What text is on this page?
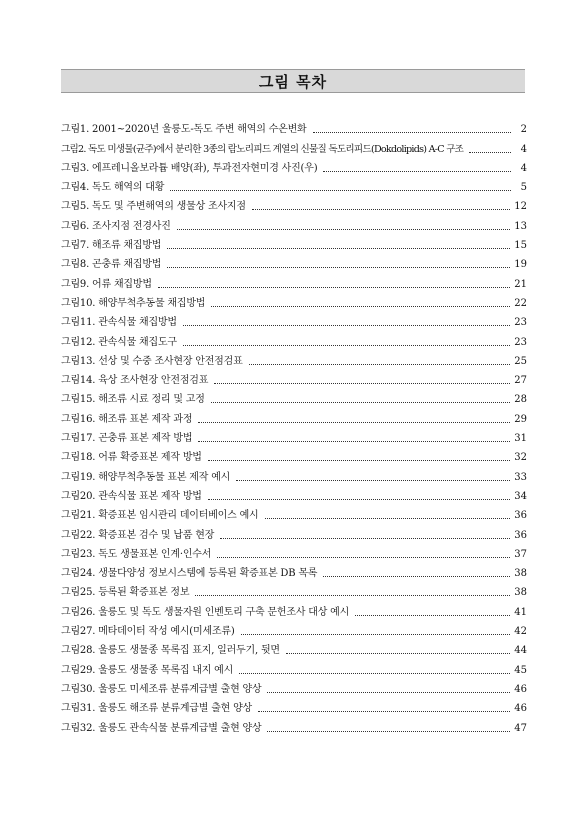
그림 목차
그림1. 2001~2020년 울릉도-독도 주변 해역의 수온변화	2
그림2. 독도 미생물(균주)에서 분리한 3종의 람노리피드 계열의 신물질 독도리피드(Dokdolipids) A-C 구조	4
그림3. 에프레니올보라튬 배양(좌), 투과전자현미경 사진(우)	4
그림4. 독도 해역의 대황	5
그림5. 독도 및 주변해역의 생물상 조사지점	12
그림6. 조사지점 전경사진	13
그림7. 해조류 채집방법	15
그림8. 곤충류 채집방법	19
그림9. 어류 채집방법	21
그림10. 해양무척추동물 채집방법	22
그림11. 관속식물 채집방법	23
그림12. 관속식물 채집도구	23
그림13. 선상 및 수중 조사현장 안전점검표	25
그림14. 육상 조사현장 안전점검표	27
그림15. 해조류 시료 정리 및 고정	28
그림16. 해조류 표본 제작 과정	29
그림17. 곤충류 표본 제작 방법	31
그림18. 어류 확증표본 제작 방법	32
그림19. 해양무척추동물 표본 제작 예시	33
그림20. 관속식물 표본 제작 방법	34
그림21. 확증표본 임시관리 데이터베이스 예시	36
그림22. 확증표본 검수 및 납품 현장	36
그림23. 독도 생물표본 인계·인수서	37
그림24. 생물다양성 정보시스템에 등록된 확증표본 DB 목록	38
그림25. 등록된 확증표본 정보	38
그림26. 울릉도 및 독도 생물자원 인벤토리 구축 문헌조사 대상 예시	41
그림27. 메타데이터 작성 예시(미세조류)	42
그림28. 울릉도 생물종 목록집 표지, 일러두기, 뒷면	44
그림29. 울릉도 생물종 목록집 내지 예시	45
그림30. 울릉도 미세조류 분류계급별 출현 양상	46
그림31. 울릉도 해조류 분류계급별 출현 양상	46
그림32. 울릉도 관속식물 분류계급별 출현 양상	47
